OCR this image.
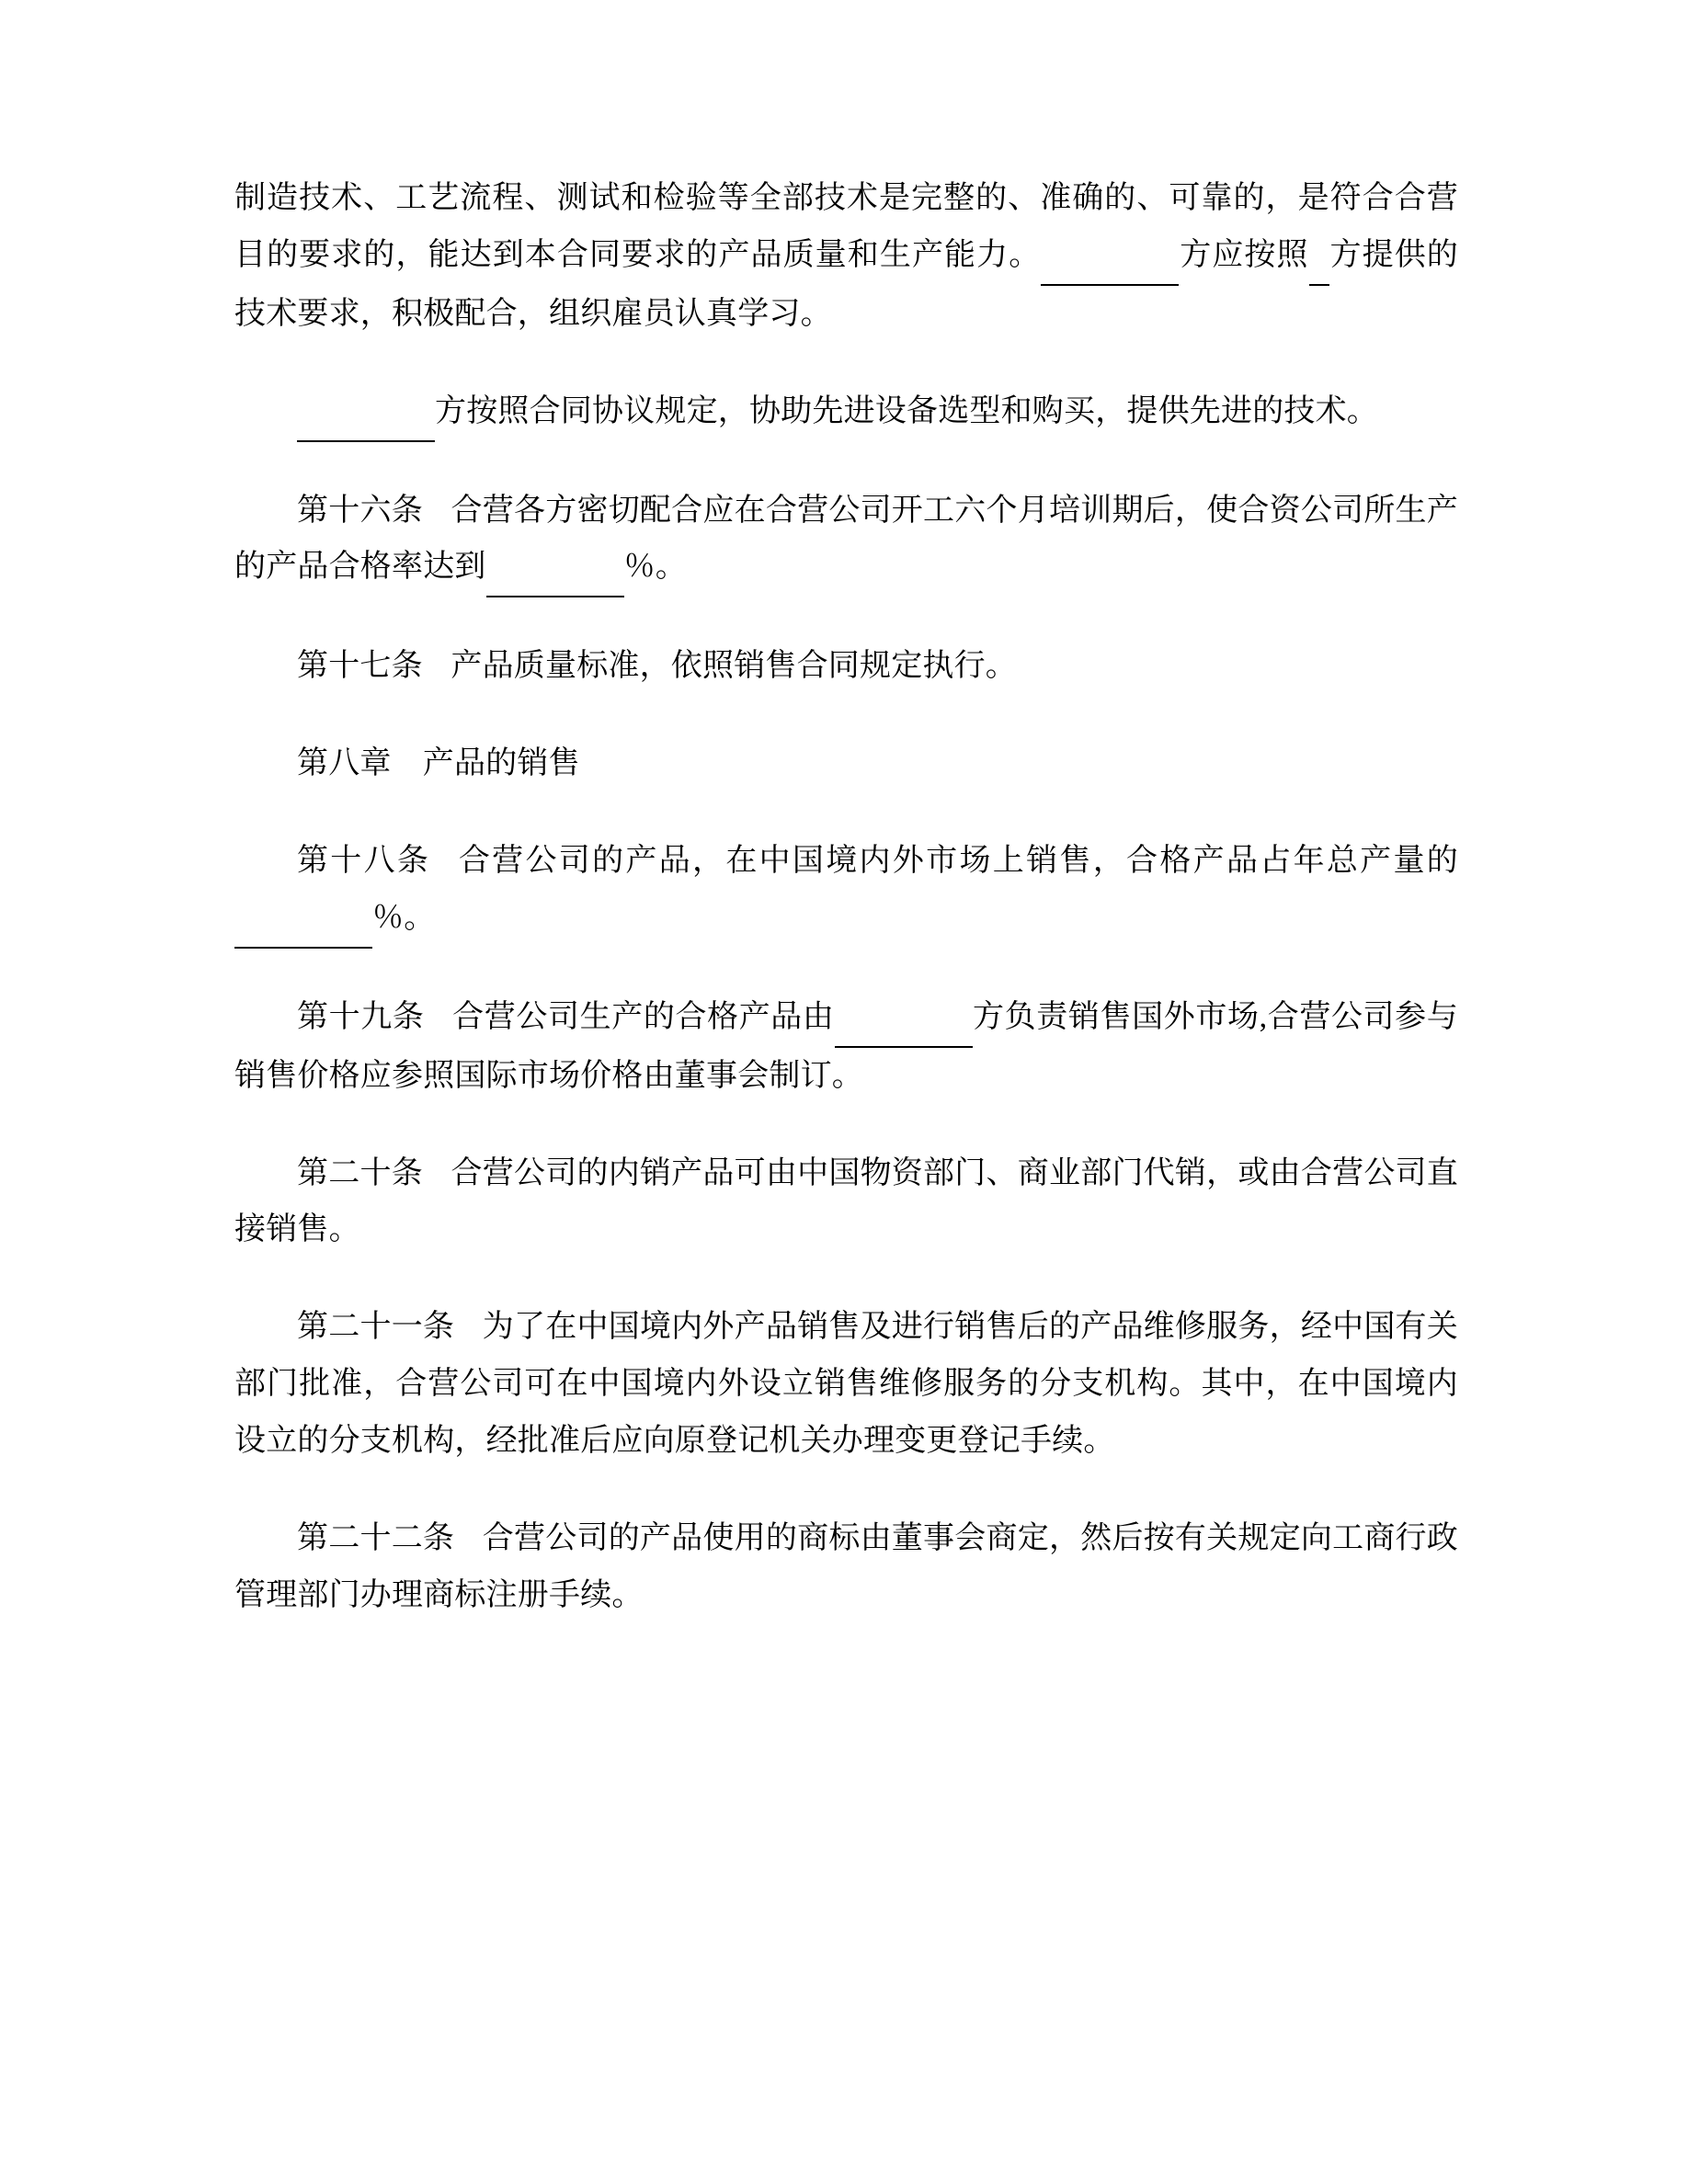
制造技术、工艺流程、测试和检验等全部技术是完整的、准确的、可靠的，是符合合营目的要求的，能达到本合同要求的产品质量和生产能力。	方应按照 方提供的技术要求，积极配合，组织雇员认真学习。

方按照合同协议规定，协助先进设备选型和购买，提供先进的技术。

第十六条 合营各方密切配合应在合营公司开工六个月培训期后，使合资公司所生产的产品合格率达到	％。

第十七条 产品质量标准，依照销售合同规定执行。

第八章　产品的销售

第十八条 合营公司的产品，在中国境内外市场上销售，合格产品占年总产量的 ％。

第十九条 合营公司生产的合格产品由	方负责销售国外市场,合营公司参与销售价格应参照国际市场价格由董事会制订。

第二十条 合营公司的内销产品可由中国物资部门、商业部门代销，或由合营公司直接销售。

第二十一条 为了在中国境内外产品销售及进行销售后的产品维修服务，经中国有关部门批准，合营公司可在中国境内外设立销售维修服务的分支机构。其中，在中国境内设立的分支机构，经批准后应向原登记机关办理变更登记手续。

第二十二条 合营公司的产品使用的商标由董事会商定，然后按有关规定向工商行政管理部门办理商标注册手续。
